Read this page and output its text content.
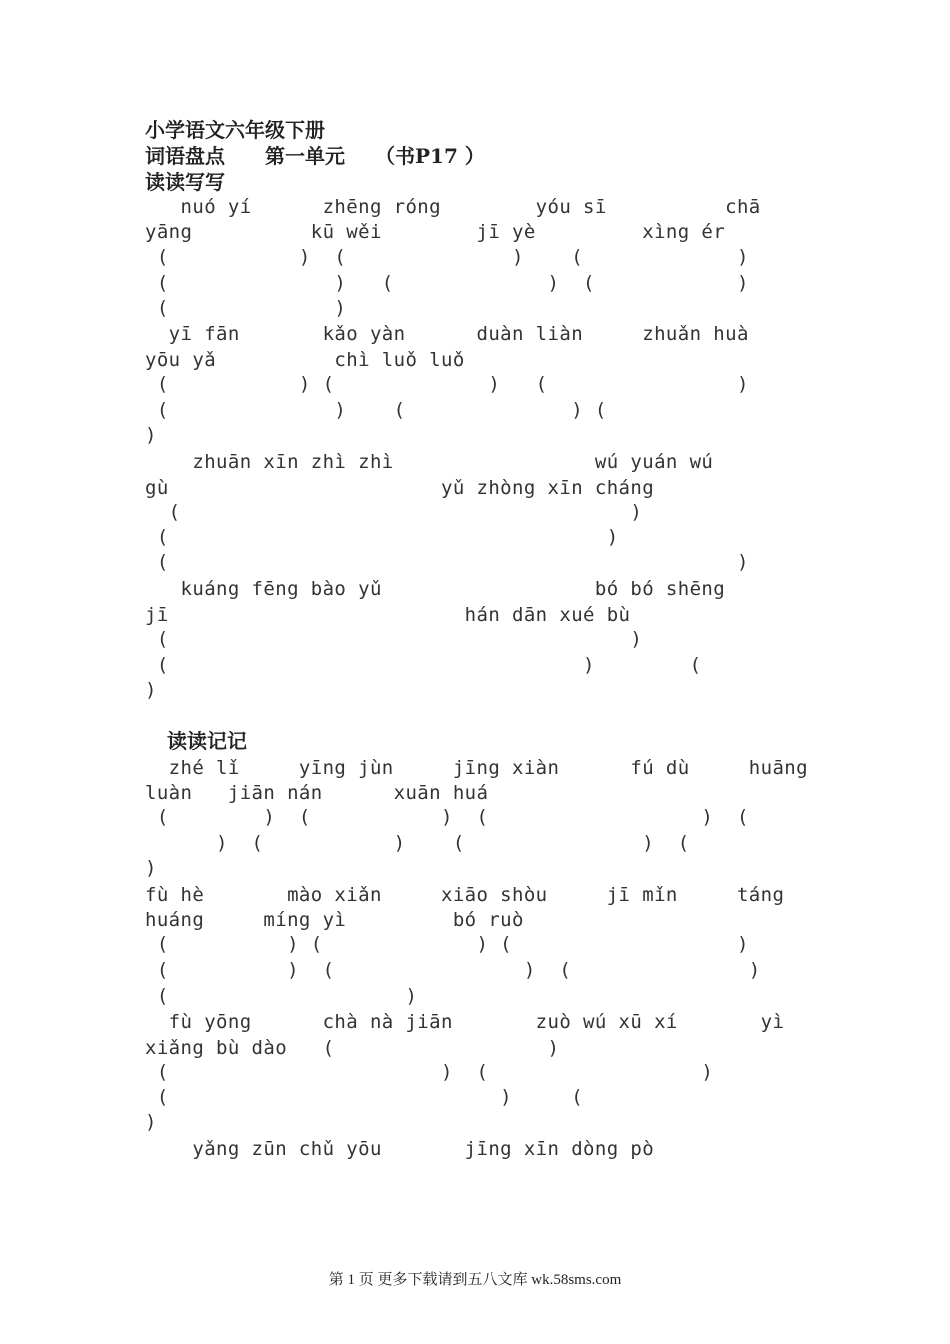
小学语文六年级下册
词语盘点　　第一单元　　（书P17 ）
读读写写
nuó yí      zhēng róng        yóu sī          chā
yāng          kū wěi        jī yè         xìng ér
(           )  (              )    (             )
(              )   (             )  (            )
(              )
yī fān       kǎo yàn      duàn liàn     zhuǎn huà
yōu yǎ          chì luǒ luǒ
(           ) (             )   (                )
(              )    (              ) (
)
zhuān xīn zhì zhì                 wú yuán wú
gù                       yǔ zhòng xīn cháng
(                                      )
(                                     )
(                                                )
kuáng fēng bào yǔ                  bó bó shēng
jī                         hán dān xué bù
(                                       )
(                                   )        (
)
读读记记
zhé lǐ     yīng jùn     jīng xiàn      fú dù     huāng
luàn   jiān nán      xuān huá
(        )  (           )  (                  )  (
)  (           )    (               )  (
)
fù hè       mào xiǎn     xiāo shòu     jī mǐn     táng
huáng     míng yì         bó ruò
(          ) (             ) (                   )
(          )  (                )  (               )
(                    )
fù yōng      chà nà jiān       zuò wú xū xí       yì
xiǎng bù dào   (                  )
(                       )  (                  )
(                            )     (
)
yǎng zūn chǔ yōu       jīng xīn dòng pò
第 1 页 更多下载请到五八文库 wk.58sms.com
